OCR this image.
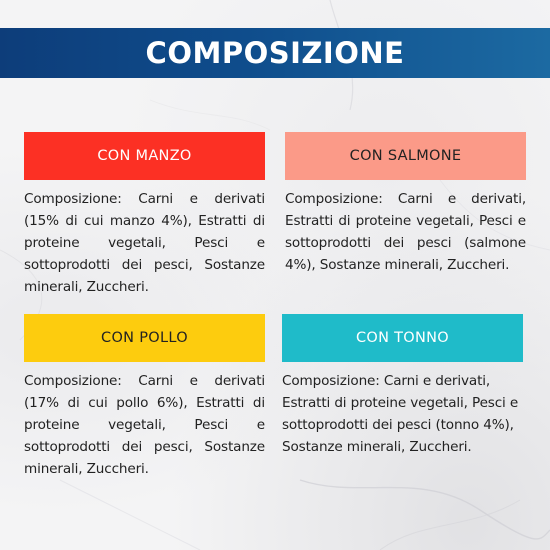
COMPOSIZIONE
CON MANZO
Composizione: Carni e derivati (15% di cui manzo 4%), Estratti di proteine vegetali, Pesci e sottoprodotti dei pesci, Sostanze minerali, Zuccheri.
CON SALMONE
Composizione: Carni e derivati, Estratti di proteine vegetali, Pesci e sottoprodotti dei pesci (salmone 4%), Sostanze minerali, Zuccheri.
CON POLLO
Composizione: Carni e derivati (17% di cui pollo 6%), Estratti di proteine vegetali, Pesci e sottoprodotti dei pesci, Sostanze minerali, Zuccheri.
CON TONNO
Composizione: Carni e derivati, Estratti di proteine vegetali, Pesci e sottoprodotti dei pesci (tonno 4%), Sostanze minerali, Zuccheri.
